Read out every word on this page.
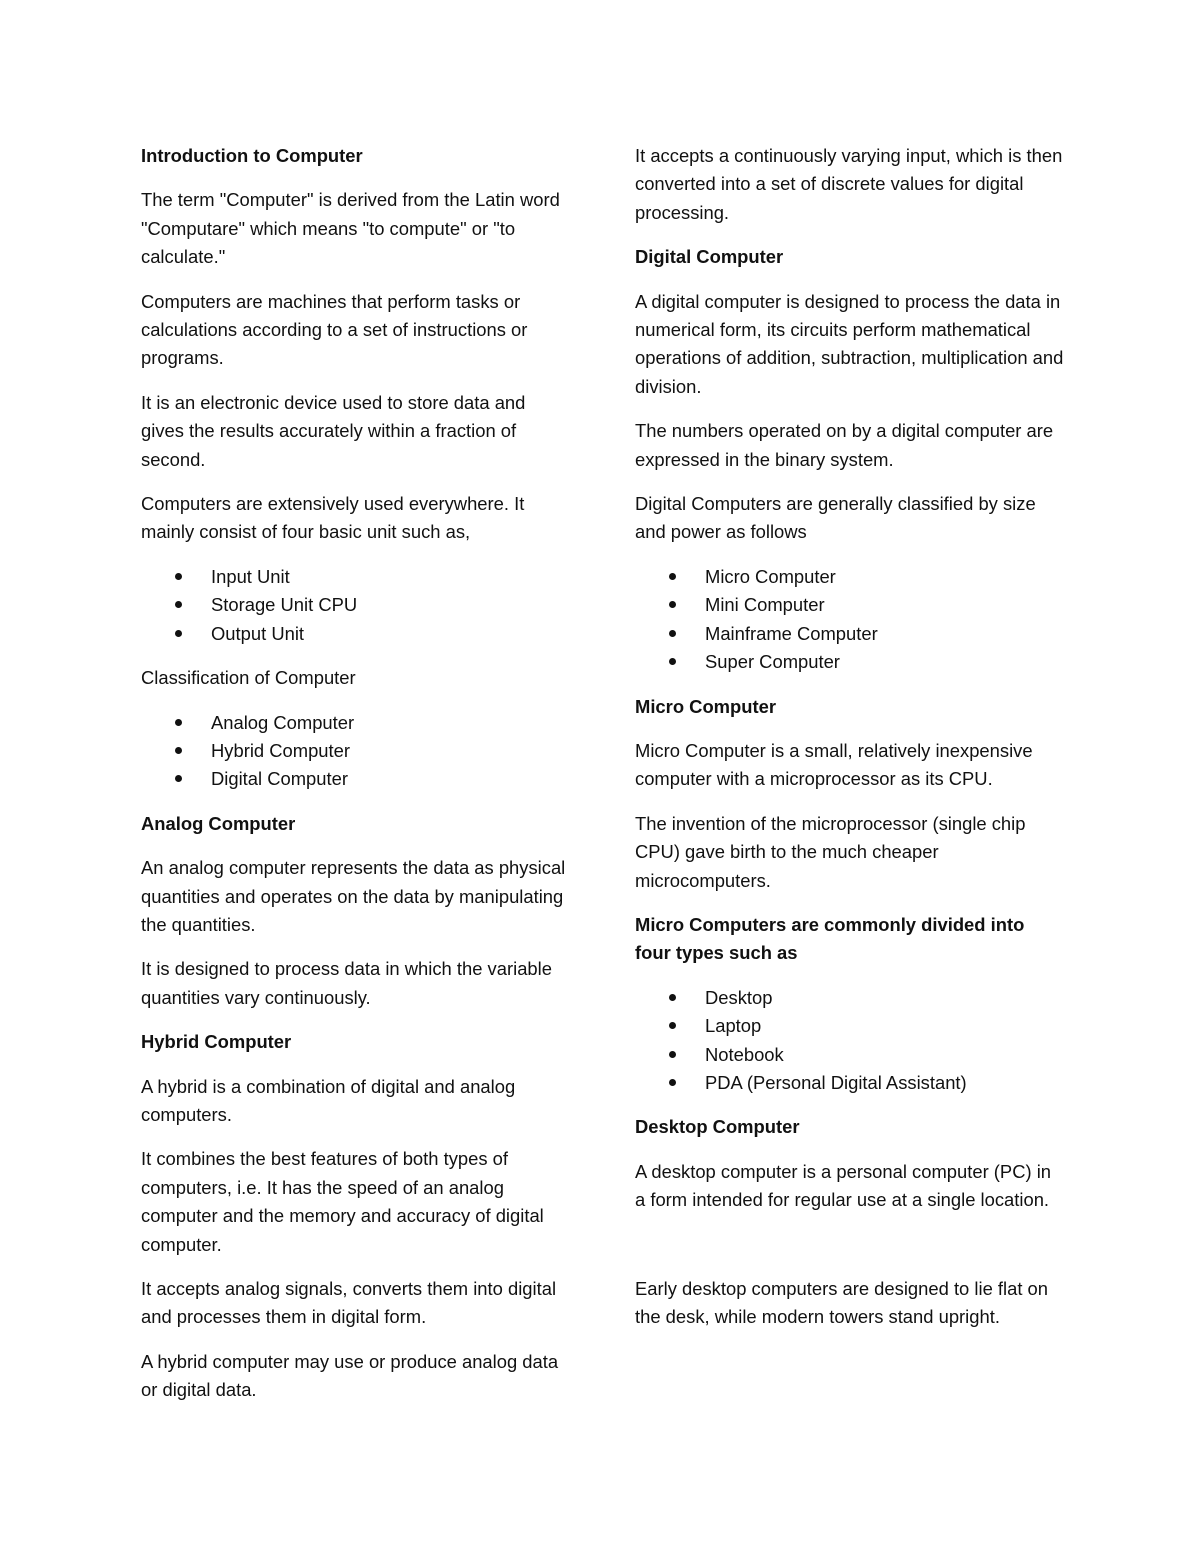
Introduction to Computer

The term "Computer" is derived from the Latin word "Computare" which means "to compute" or "to calculate."

Computers are machines that perform tasks or calculations according to a set of instructions or programs.

It is an electronic device used to store data and gives the results accurately within a fraction of second.

Computers are extensively used everywhere. It mainly consist of four basic unit such as,

Input Unit
Storage Unit CPU
Output Unit
Classification of Computer
Analog Computer
Hybrid Computer
Digital Computer
Analog Computer

An analog computer represents the data as physical quantities and operates on the data by manipulating the quantities.

It is designed to process data in which the variable quantities vary continuously.

Hybrid Computer

A hybrid is a combination of digital and analog computers.

It combines the best features of both types of computers, i.e. It has the speed of an analog computer and the memory and accuracy of digital computer.

It accepts analog signals, converts them into digital and processes them in digital form.

A hybrid computer may use or produce analog data or digital data.

It accepts a continuously varying input, which is then converted into a set of discrete values for digital processing.

Digital Computer

A digital computer is designed to process the data in numerical form, its circuits perform mathematical operations of addition, subtraction, multiplication and division.

The numbers operated on by a digital computer are expressed in the binary system.

Digital Computers are generally classified by size and power as follows

Micro Computer
Mini Computer
Mainframe Computer
Super Computer
Micro Computer

Micro Computer is a small, relatively inexpensive computer with a microprocessor as its CPU.

The invention of the microprocessor (single chip CPU) gave birth to the much cheaper microcomputers.

Micro Computers are commonly divided into four types such as
Desktop
Laptop
Notebook
PDA (Personal Digital Assistant)
Desktop Computer

A desktop computer is a personal computer (PC) in a form intended for regular use at a single location.

Early desktop computers are designed to lie flat on the desk, while modern towers stand upright.
